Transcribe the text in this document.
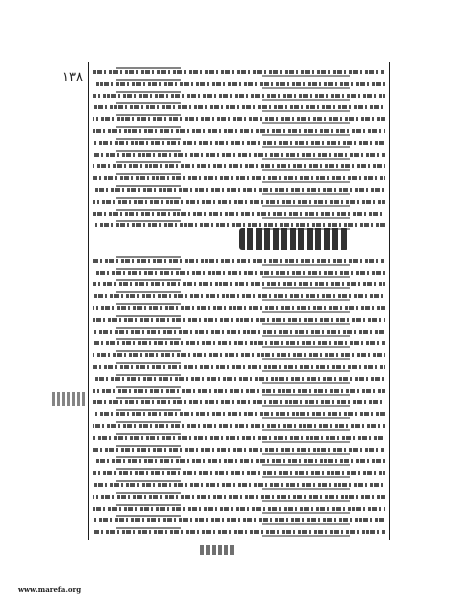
۱۳۸
www.marefa.org
